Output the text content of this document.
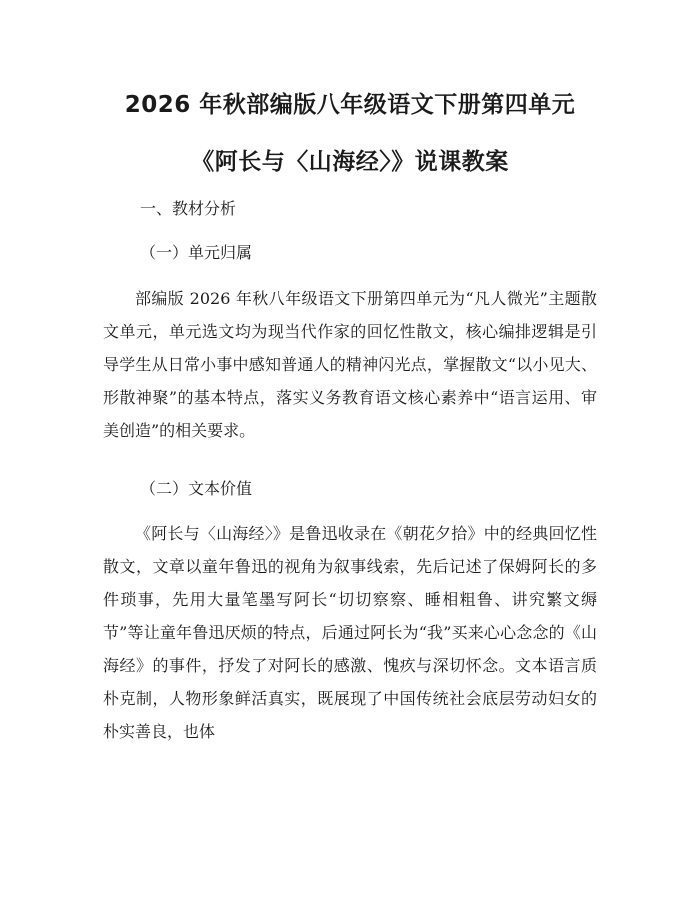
2026 年秋部编版八年级语文下册第四单元
《阿长与〈山海经〉》说课教案

一、教材分析

（一）单元归属

部编版 2026 年秋八年级语文下册第四单元为“凡人微光”主题散文单元，单元选文均为现当代作家的回忆性散文，核心编排逻辑是引导学生从日常小事中感知普通人的精神闪光点，掌握散文“以小见大、形散神聚”的基本特点，落实义务教育语文核心素养中“语言运用、审美创造”的相关要求。

（二）文本价值

《阿长与〈山海经〉》是鲁迅收录在《朝花夕拾》中的经典回忆性散文，文章以童年鲁迅的视角为叙事线索，先后记述了保姆阿长的多件琐事，先用大量笔墨写阿长“切切察察、睡相粗鲁、讲究繁文缛节”等让童年鲁迅厌烦的特点，后通过阿长为“我”买来心心念念的《山海经》的事件，抒发了对阿长的感激、愧疚与深切怀念。文本语言质朴克制，人物形象鲜活真实，既展现了中国传统社会底层劳动妇女的朴实善良，也体
